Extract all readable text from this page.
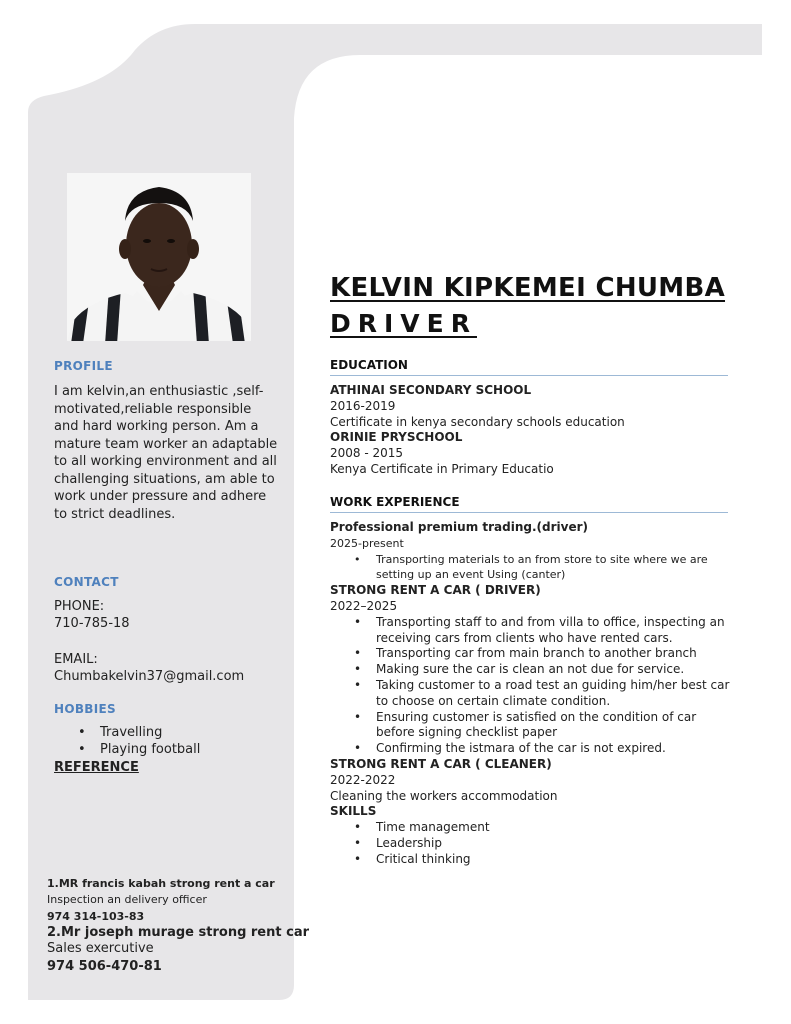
PROFILE
I am kelvin,an enthusiastic ,self-motivated,reliable responsible and hard working person. Am a mature team worker an adaptable to all working environment and all challenging situations, am able to work under pressure and adhere to strict deadlines.
CONTACT
PHONE:
710-785-18
EMAIL:
Chumbakelvin37@gmail.com
HOBBIES
• Travelling
• Playing football
REFERENCE
1.MR francis kabah strong rent a car
Inspection an delivery officer
974 314-103-83
2.Mr joseph murage strong rent car
Sales exercutive
974 506-470-81
KELVIN KIPKEMEI CHUMBA
DRIVER
EDUCATION
ATHINAI SECONDARY SCHOOL
2016-2019
Certificate in kenya secondary schools education
ORINIE PRYSCHOOL
2008 - 2015
Kenya Certificate in Primary Educatio
WORK EXPERIENCE
Professional premium trading.(driver)
2025-present
• Transporting materials to an from store to site where we are setting up an event Using (canter)
STRONG RENT A CAR ( DRIVER)
2022–2025
• Transporting staff to and from villa to office, inspecting an receiving cars from clients who have rented cars.
• Transporting car from main branch to another branch
• Making sure the car is clean an not due for service.
• Taking customer to a road test an guiding him/her best car to choose on certain climate condition.
• Ensuring customer is satisfied on the condition of car before signing checklist paper
• Confirming the istmara of the car is not expired.
STRONG RENT A CAR ( CLEANER)
2022-2022
Cleaning the workers accommodation
SKILLS
• Time management
• Leadership
• Critical thinking
